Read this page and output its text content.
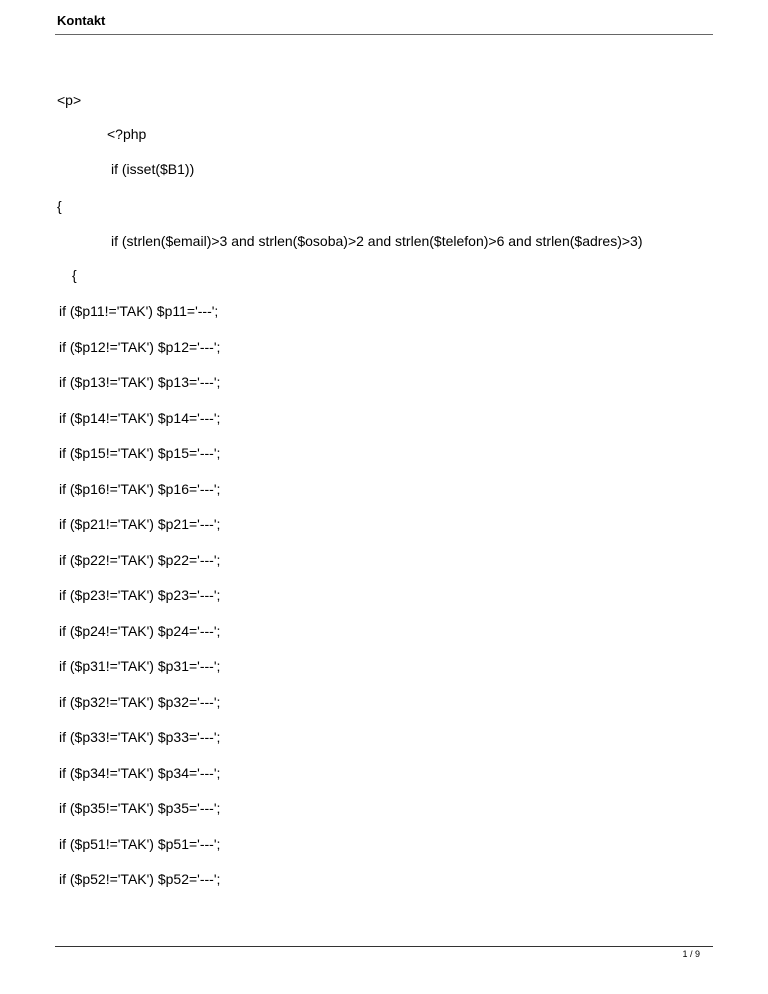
Kontakt
<p>
<?php
if (isset($B1))
{
if (strlen($email)>3 and strlen($osoba)>2 and strlen($telefon)>6 and strlen($adres)>3)
{
if ($p11!='TAK') $p11='---';
if ($p12!='TAK') $p12='---';
if ($p13!='TAK') $p13='---';
if ($p14!='TAK') $p14='---';
if ($p15!='TAK') $p15='---';
if ($p16!='TAK') $p16='---';
if ($p21!='TAK') $p21='---';
if ($p22!='TAK') $p22='---';
if ($p23!='TAK') $p23='---';
if ($p24!='TAK') $p24='---';
if ($p31!='TAK') $p31='---';
if ($p32!='TAK') $p32='---';
if ($p33!='TAK') $p33='---';
if ($p34!='TAK') $p34='---';
if ($p35!='TAK') $p35='---';
if ($p51!='TAK') $p51='---';
if ($p52!='TAK') $p52='---';
1 / 9
